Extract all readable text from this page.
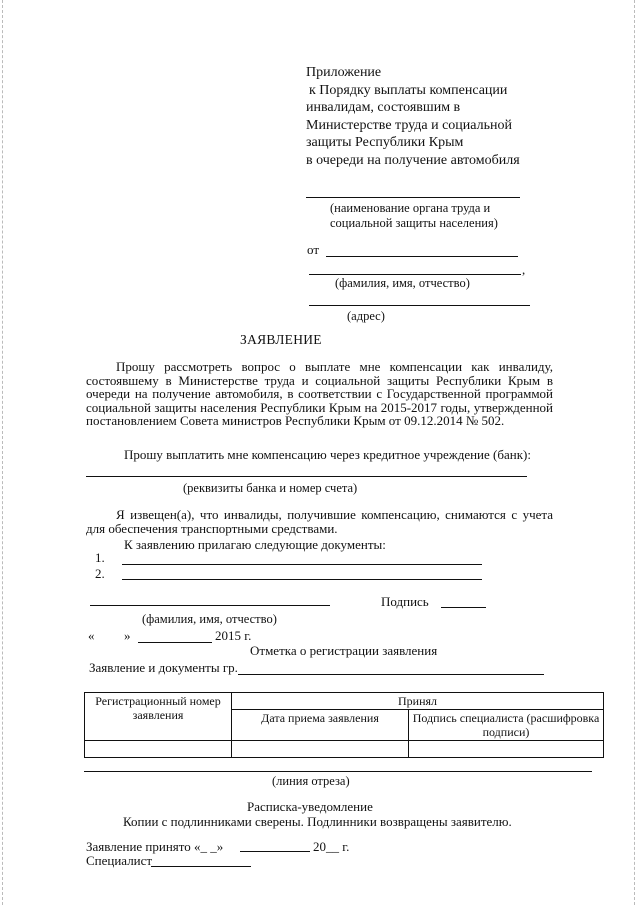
Приложение
к Порядку выплаты компенсации
инвалидам, состоявшим в
Министерстве труда и социальной
защиты Республики Крым
в очереди на получение автомобиля
(наименование органа труда и
социальной защиты населения)
от
,
(фамилия, имя, отчество)
(адрес)
ЗАЯВЛЕНИЕ
Прошу рассмотреть вопрос о выплате мне компенсации как инвалиду, состоявшему в Министерстве труда и социальной защиты Республики Крым в очереди на получение автомобиля, в соответствии с Государственной программой социальной защиты населения Республики Крым на 2015-2017 годы, утвержденной постановлением Совета министров Республики Крым от 09.12.2014 № 502.
Прошу выплатить мне компенсацию через кредитное учреждение (банк):
(реквизиты банка и номер счета)
Я извещен(а), что инвалиды, получившие компенсацию, снимаются с учета для обеспечения транспортными средствами.
К заявлению прилагаю следующие документы:
1.
2.
Подпись
(фамилия, имя, отчество)
« »	2015 г.
Отметка о регистрации заявления
Заявление и документы гр.
Регистрационный номер заявления	Принял	
	Дата приема заявления	Подпись специалиста (расшифровка подписи)

(линия отреза)
Расписка-уведомление
Копии с подлинниками сверены. Подлинники возвращены заявителю.
Заявление принято «_ _»	20__ г.
Специалист
